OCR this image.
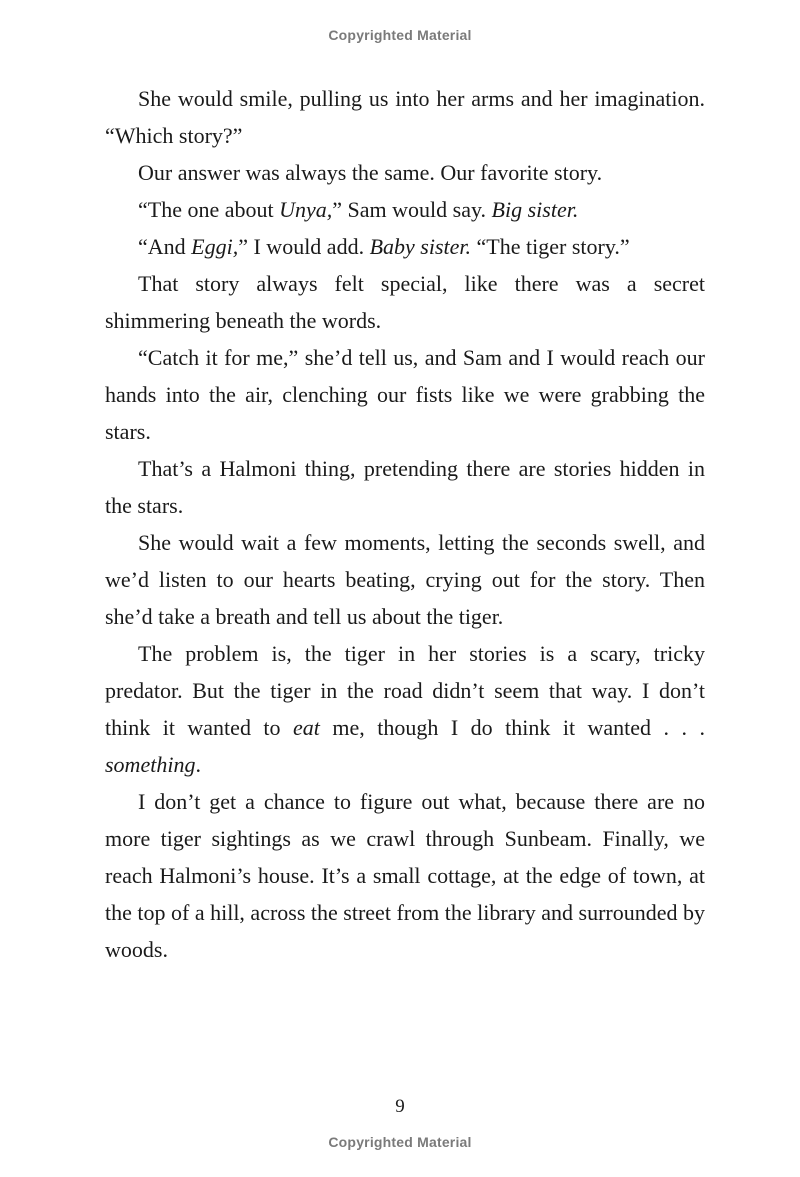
Copyrighted Material

She would smile, pulling us into her arms and her imagination. “Which story?”

Our answer was always the same. Our favorite story.

“The one about Unya,” Sam would say. Big sister.

“And Eggi,” I would add. Baby sister. “The tiger story.”

That story always felt special, like there was a secret shimmering beneath the words.

“Catch it for me,” she’d tell us, and Sam and I would reach our hands into the air, clenching our fists like we were grabbing the stars.

That’s a Halmoni thing, pretending there are stories hidden in the stars.

She would wait a few moments, letting the seconds swell, and we’d listen to our hearts beating, crying out for the story. Then she’d take a breath and tell us about the tiger.

The problem is, the tiger in her stories is a scary, tricky predator. But the tiger in the road didn’t seem that way. I don’t think it wanted to eat me, though I do think it wanted . . . something.

I don’t get a chance to figure out what, because there are no more tiger sightings as we crawl through Sunbeam. Finally, we reach Halmoni’s house. It’s a small cottage, at the edge of town, at the top of a hill, across the street from the library and surrounded by woods.

9
Copyrighted Material
